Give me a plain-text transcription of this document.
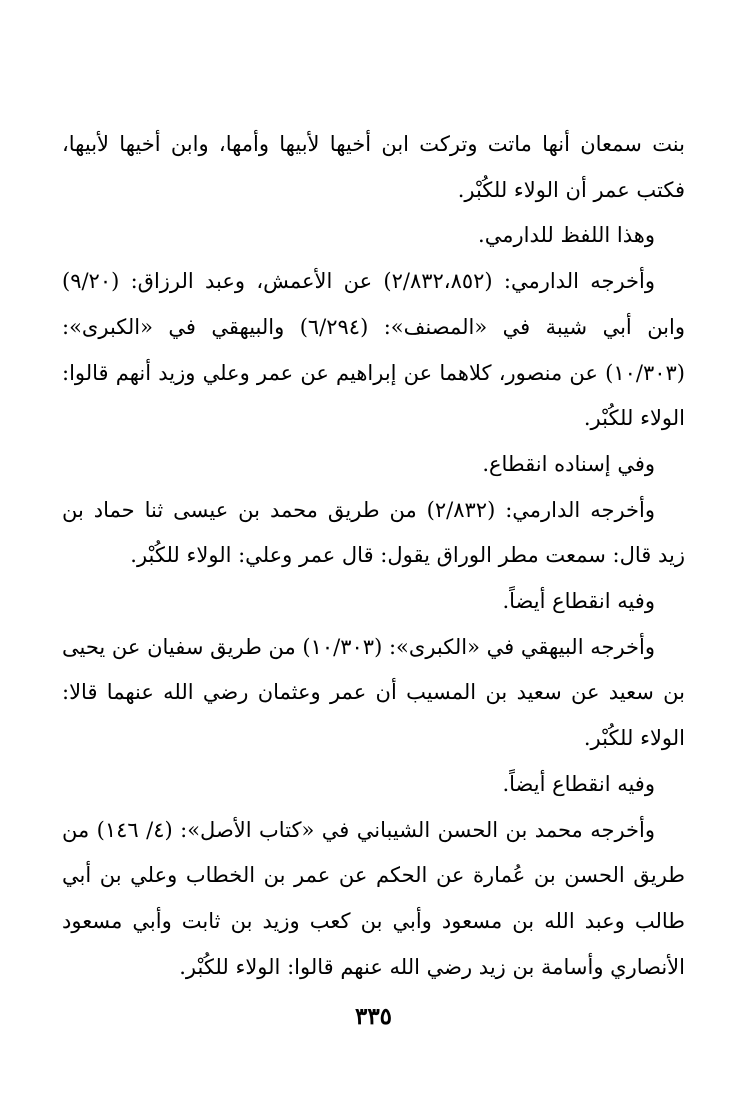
بنت سمعان أنها ماتت وتركت ابن أخيها لأبيها وأمها، وابن أخيها لأبيها، فكتب عمر أن الولاء للكُبْر.

وهذا اللفظ للدارمي.

وأخرجه الدارمي: (٢/٨٣٢،٨٥٢) عن الأعمش، وعبد الرزاق: (٩/٢٠) وابن أبي شيبة في «المصنف»: (٦/٢٩٤) والبيهقي في «الكبرى»: (١٠/٣٠٣) عن منصور، كلاهما عن إبراهيم عن عمر وعلي وزيد أنهم قالوا: الولاء للكُبْر.

وفي إسناده انقطاع.

وأخرجه الدارمي: (٢/٨٣٢) من طريق محمد بن عيسى ثنا حماد بن زيد قال: سمعت مطر الوراق يقول: قال عمر وعلي: الولاء للكُبْر.

وفيه انقطاع أيضاً.

وأخرجه البيهقي في «الكبرى»: (١٠/٣٠٣) من طريق سفيان عن يحيى بن سعيد عن سعيد بن المسيب أن عمر وعثمان رضي الله عنهما قالا: الولاء للكُبْر.

وفيه انقطاع أيضاً.

وأخرجه محمد بن الحسن الشيباني في «كتاب الأصل»: (٤/ ١٤٦) من طريق الحسن بن عُمارة عن الحكم عن عمر بن الخطاب وعلي بن أبي طالب وعبد الله بن مسعود وأبي بن كعب وزيد بن ثابت وأبي مسعود الأنصاري وأسامة بن زيد رضي الله عنهم قالوا: الولاء للكُبْر.

٣٣٥
